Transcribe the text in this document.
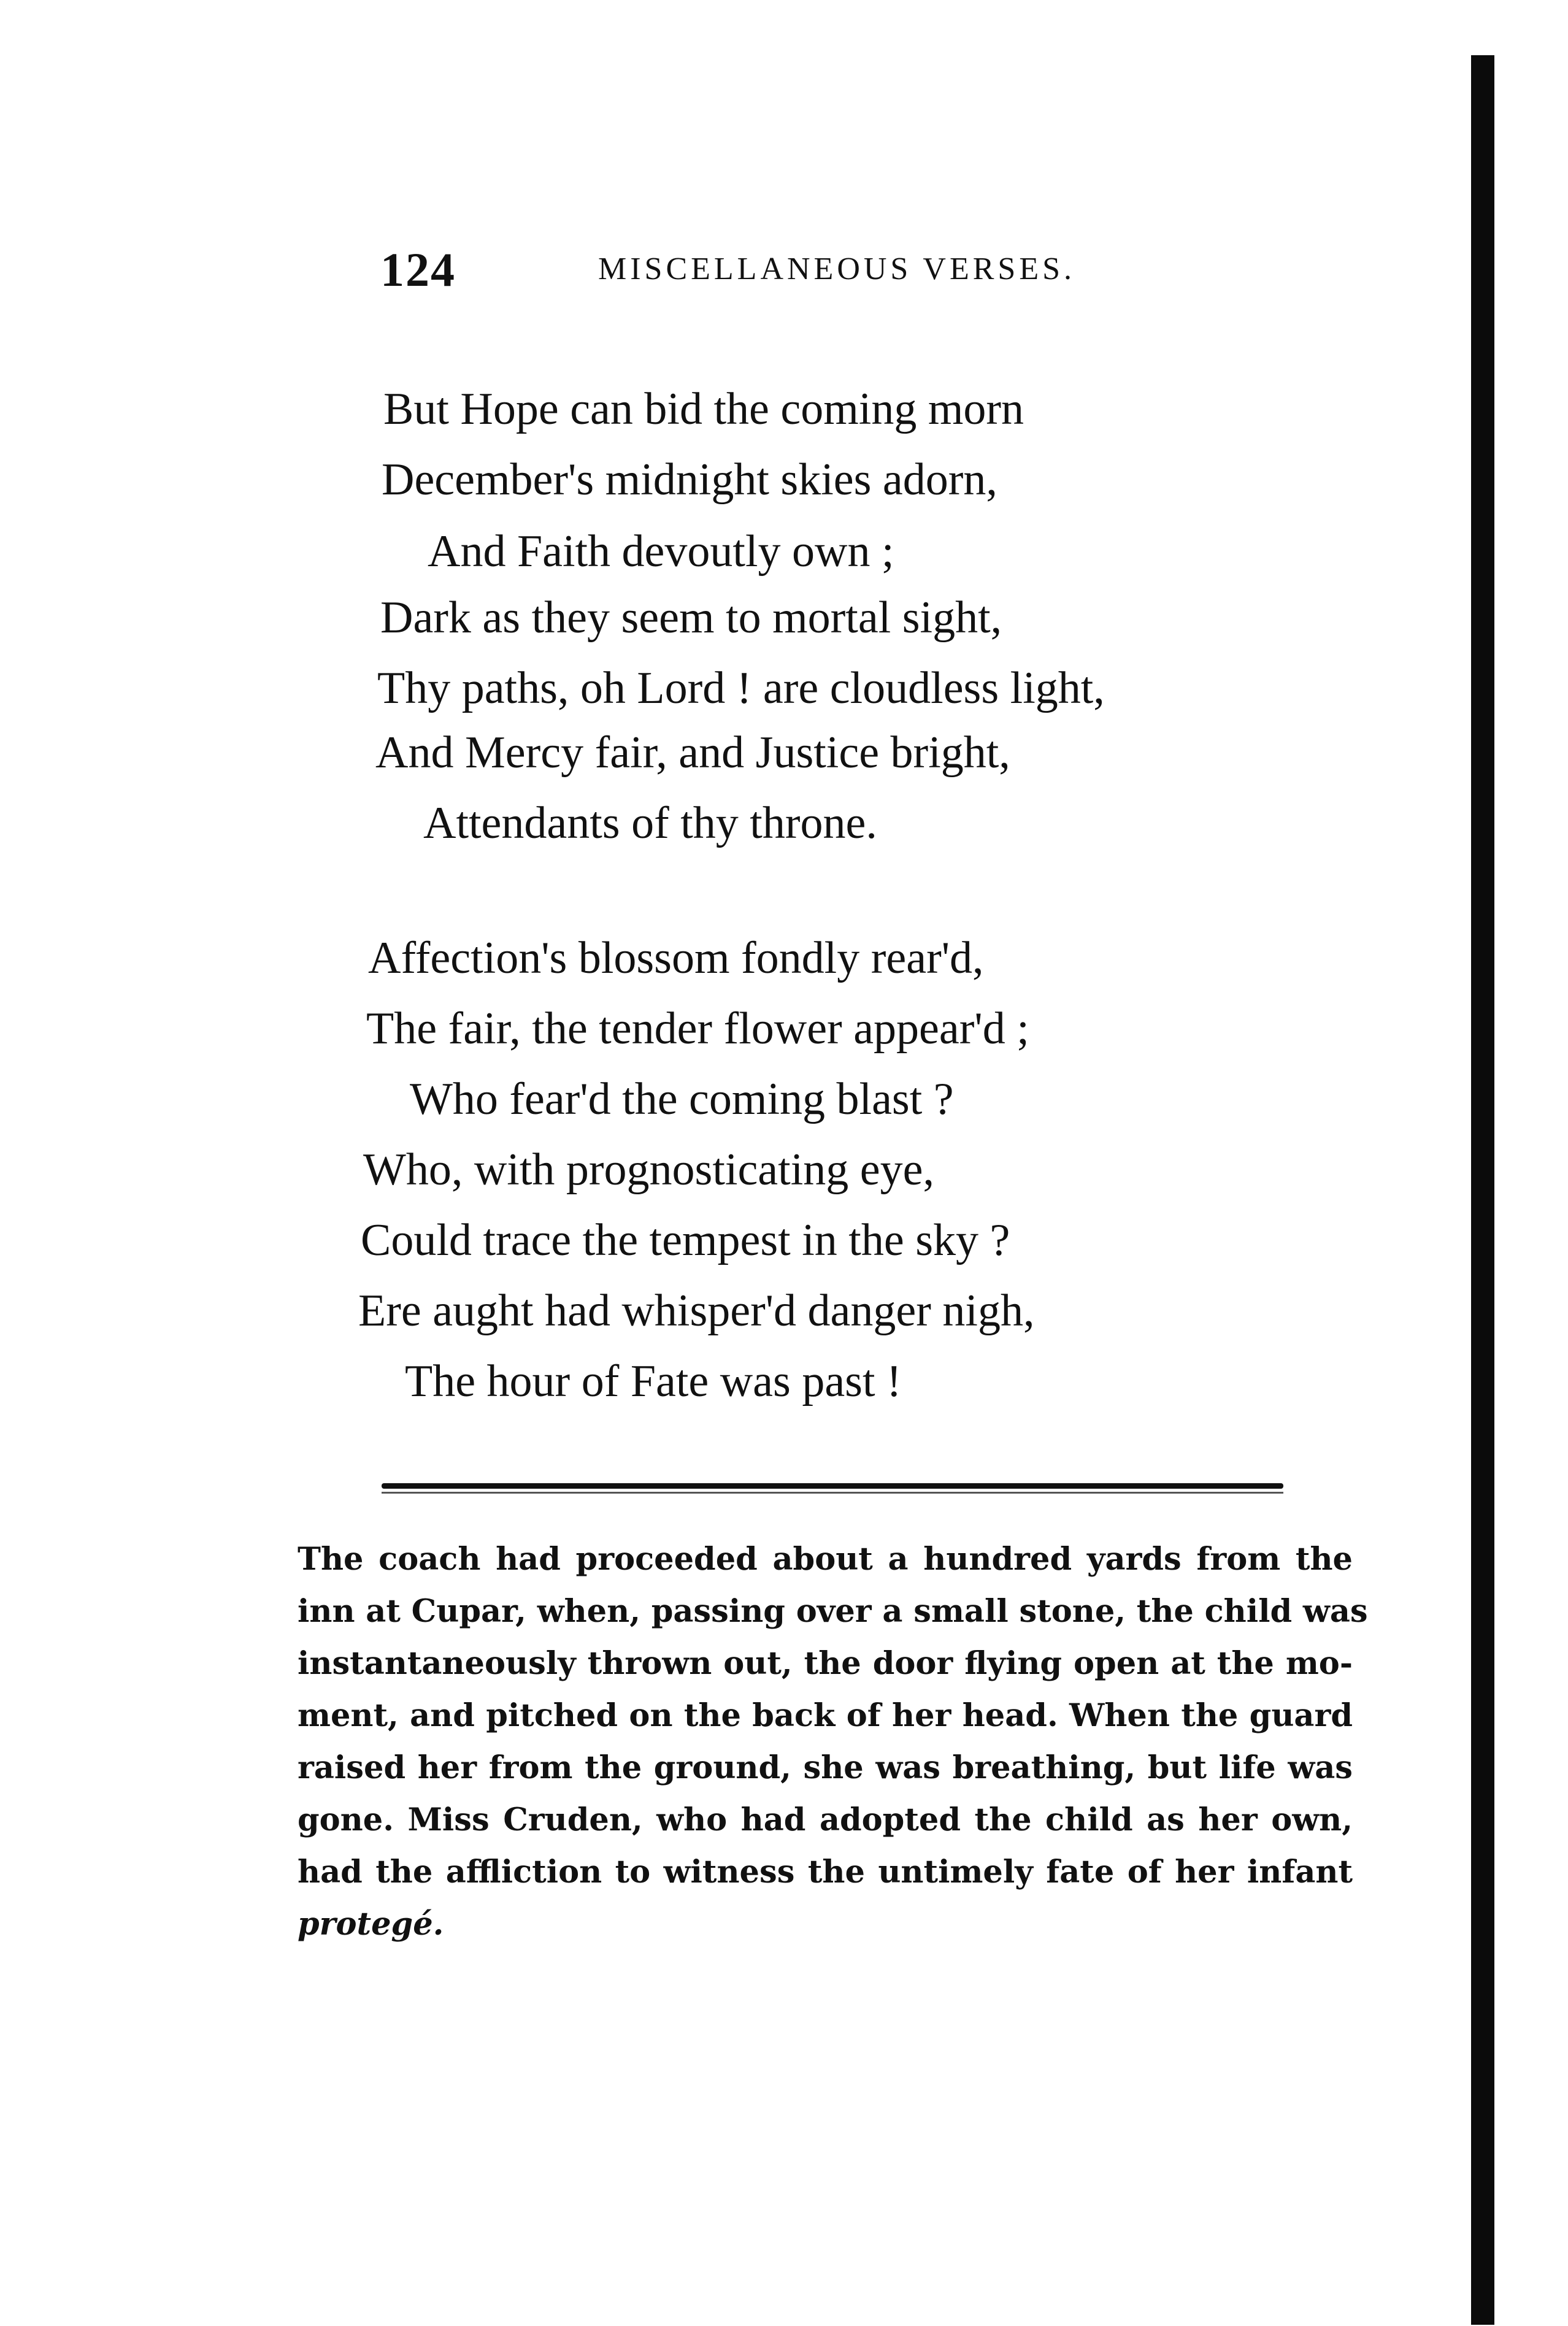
124	MISCELLANEOUS VERSES.
But Hope can bid the coming morn
December's midnight skies adorn,
And Faith devoutly own ;
Dark as they seem to mortal sight,
Thy paths, oh Lord ! are cloudless light,
And Mercy fair, and Justice bright,
Attendants of thy throne.
Affection's blossom fondly rear'd,
The fair, the tender flower appear'd ;
Who fear'd the coming blast ?
Who, with prognosticating eye,
Could trace the tempest in the sky ?
Ere aught had whisper'd danger nigh,
The hour of Fate was past !
The coach had proceeded about a hundred yards from the
inn at Cupar, when, passing over a small stone, the child was
instantaneously thrown out, the door flying open at the mo-
ment, and pitched on the back of her head. When the guard
raised her from the ground, she was breathing, but life was
gone. Miss Cruden, who had adopted the child as her own,
had the affliction to witness the untimely fate of her infant
protegé.
